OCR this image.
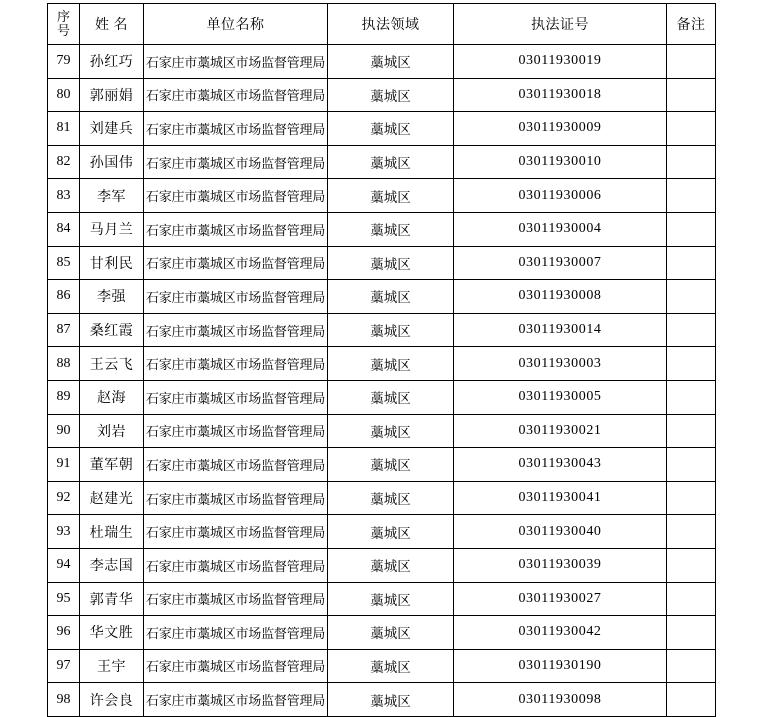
序
号	姓 名	单位名称	执法领域	执法证号	备注
79	孙红巧	石家庄市藁城区市场监督管理局	藁城区	03011930019	
80	郭丽娟	石家庄市藁城区市场监督管理局	藁城区	03011930018	
81	刘建兵	石家庄市藁城区市场监督管理局	藁城区	03011930009	
82	孙国伟	石家庄市藁城区市场监督管理局	藁城区	03011930010	
83	李军	石家庄市藁城区市场监督管理局	藁城区	03011930006	
84	马月兰	石家庄市藁城区市场监督管理局	藁城区	03011930004	
85	甘利民	石家庄市藁城区市场监督管理局	藁城区	03011930007	
86	李强	石家庄市藁城区市场监督管理局	藁城区	03011930008	
87	桑红霞	石家庄市藁城区市场监督管理局	藁城区	03011930014	
88	王云飞	石家庄市藁城区市场监督管理局	藁城区	03011930003	
89	赵海	石家庄市藁城区市场监督管理局	藁城区	03011930005	
90	刘岩	石家庄市藁城区市场监督管理局	藁城区	03011930021	
91	董军朝	石家庄市藁城区市场监督管理局	藁城区	03011930043	
92	赵建光	石家庄市藁城区市场监督管理局	藁城区	03011930041	
93	杜瑞生	石家庄市藁城区市场监督管理局	藁城区	03011930040	
94	李志国	石家庄市藁城区市场监督管理局	藁城区	03011930039	
95	郭青华	石家庄市藁城区市场监督管理局	藁城区	03011930027	
96	华文胜	石家庄市藁城区市场监督管理局	藁城区	03011930042	
97	王宇	石家庄市藁城区市场监督管理局	藁城区	03011930190	
98	许会良	石家庄市藁城区市场监督管理局	藁城区	03011930098	
